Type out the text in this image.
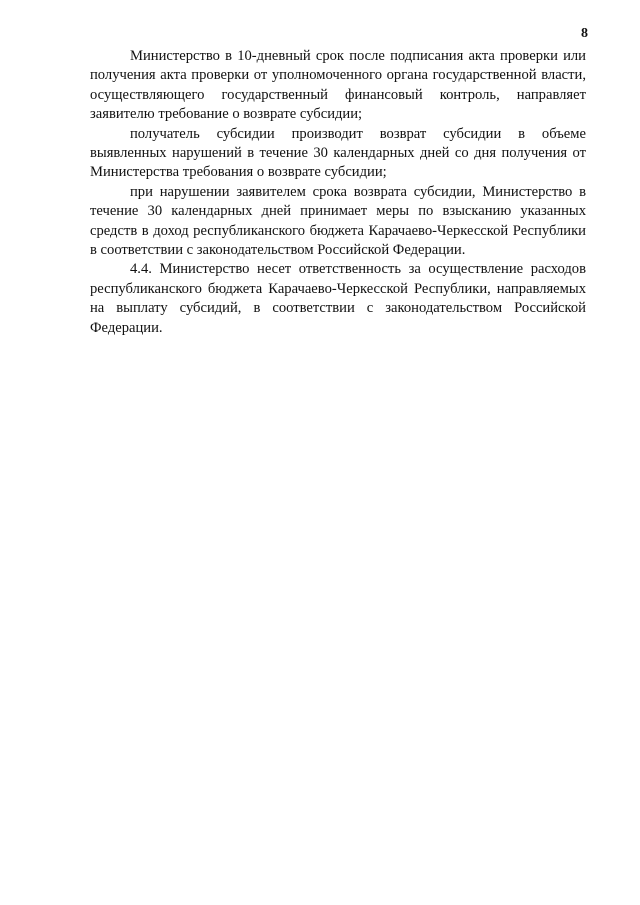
8

Министерство в 10-дневный срок после подписания акта проверки или получения акта проверки от уполномоченного органа государственной власти, осуществляющего государственный финансовый контроль, направляет заявителю требование о возврате субсидии;

получатель субсидии производит возврат субсидии в объеме выявленных нарушений в течение 30 календарных дней со дня получения от Министерства требования о возврате субсидии;

при нарушении заявителем срока возврата субсидии, Министерство в течение 30 календарных дней принимает меры по взысканию указанных средств в доход республиканского бюджета Карачаево-Черкесской Республики в соответствии с законодательством Российской Федерации.

4.4. Министерство несет ответственность за осуществление расходов республиканского бюджета Карачаево-Черкесской Республики, направляемых на выплату субсидий, в соответствии с законодательством Российской Федерации.
